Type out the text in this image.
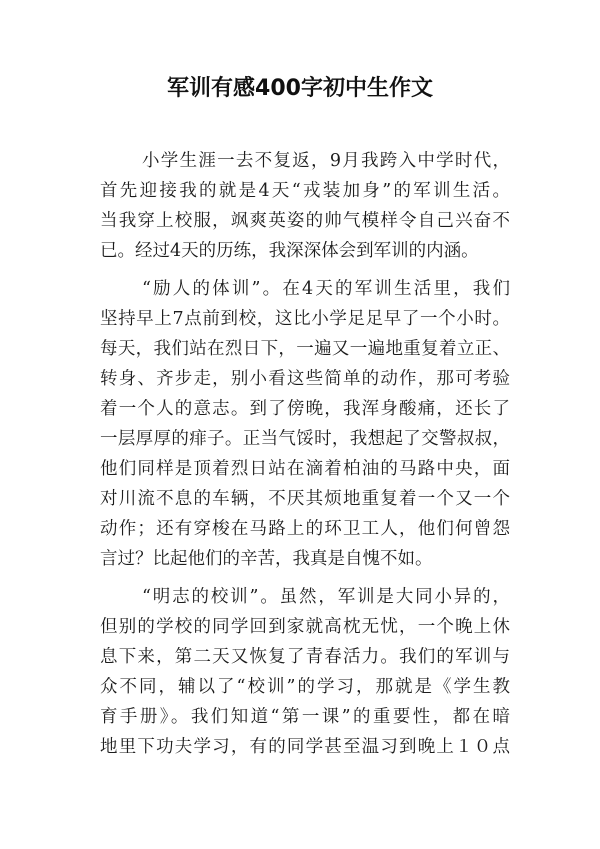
军训有感400字初中生作文
小学生涯一去不复返，9月我跨入中学时代，
首先迎接我的就是4天“戎装加身”的军训生活。
当我穿上校服，飒爽英姿的帅气模样令自己兴奋不
已。经过4天的历练，我深深体会到军训的内涵。
“励人的体训”。在4天的军训生活里，我们
坚持早上7点前到校，这比小学足足早了一个小时。
每天，我们站在烈日下，一遍又一遍地重复着立正、
转身、齐步走，别小看这些简单的动作，那可考验
着一个人的意志。到了傍晚，我浑身酸痛，还长了
一层厚厚的痱子。正当气馁时，我想起了交警叔叔，
他们同样是顶着烈日站在滴着柏油的马路中央，面
对川流不息的车辆，不厌其烦地重复着一个又一个
动作；还有穿梭在马路上的环卫工人，他们何曾怨
言过？比起他们的辛苦，我真是自愧不如。
“明志的校训”。虽然，军训是大同小异的，
但别的学校的同学回到家就高枕无忧，一个晚上休
息下来，第二天又恢复了青春活力。我们的军训与
众不同，辅以了“校训”的学习，那就是《学生教
育手册》。我们知道“第一课”的重要性，都在暗
地里下功夫学习，有的同学甚至温习到晚上１０点
